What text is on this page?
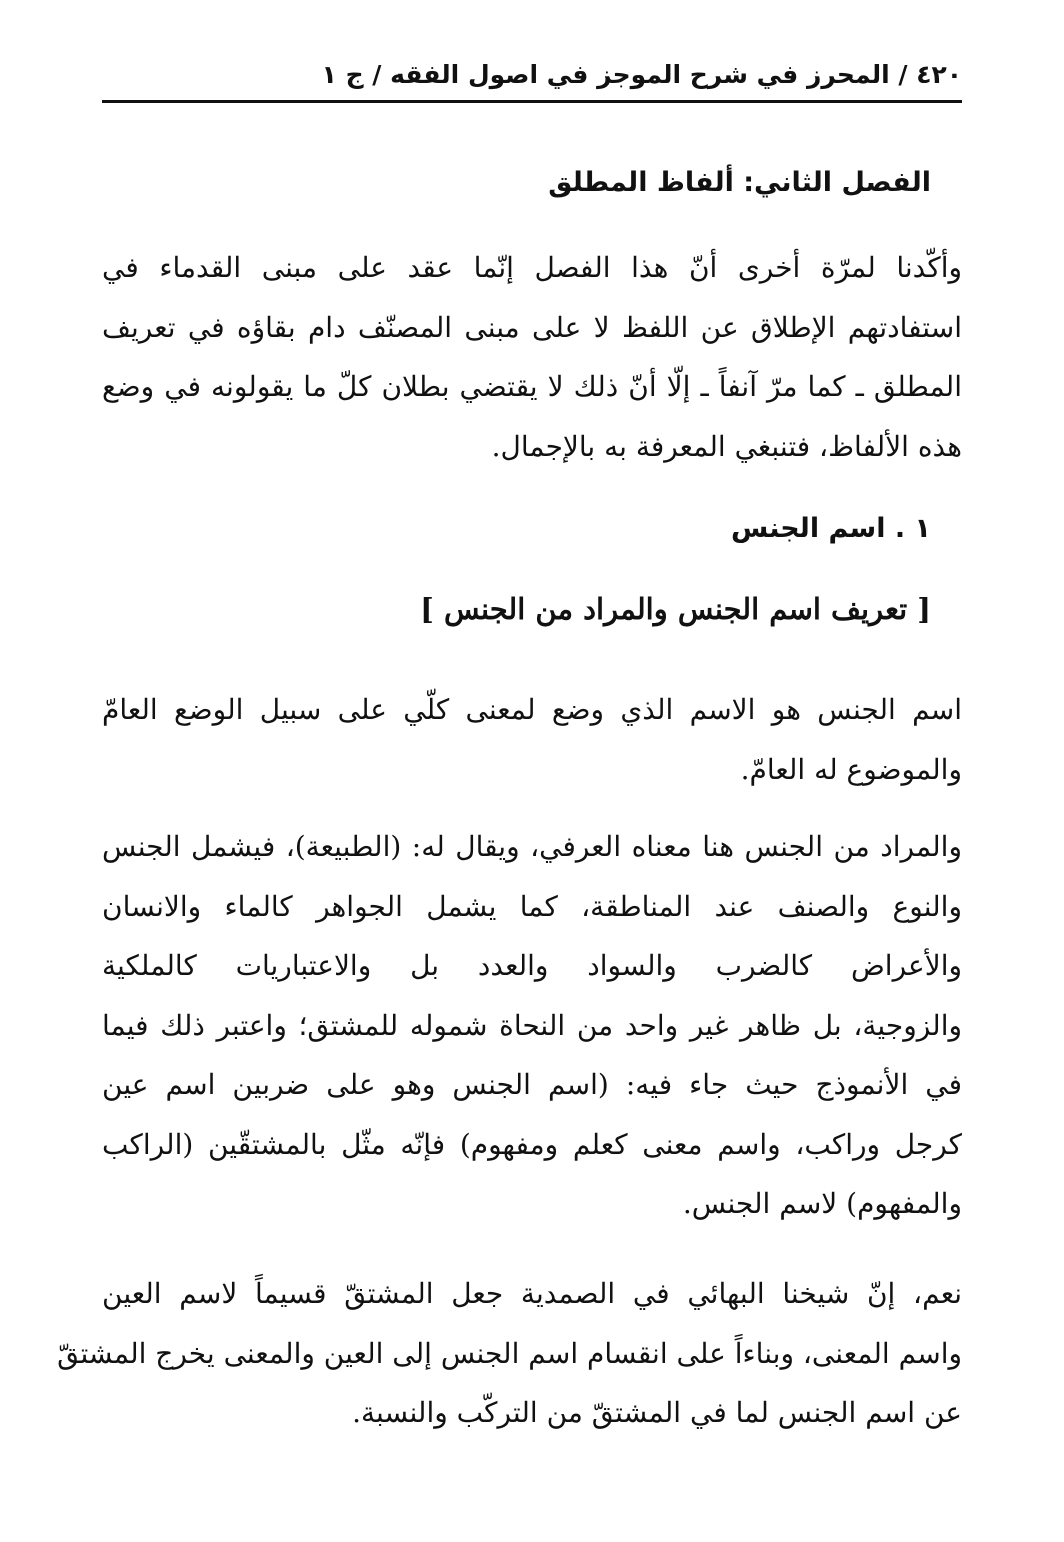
٤٢٠ / المحرز في شرح الموجز في اصول الفقه / ج ١
الفصل الثاني: ألفاظ المطلق

وأكّدنا لمرّة أخرى أنّ هذا الفصل إنّما عقد على مبنى القدماء في
استفادتهم الإطلاق عن اللفظ لا على مبنى المصنّف دام بقاؤه في تعريف
المطلق ـ كما مرّ آنفاً ـ إلّا أنّ ذلك لا يقتضي بطلان كلّ ما يقولونه في وضع
هذه الألفاظ، فتنبغي المعرفة به بالإجمال.

١ . اسم الجنس
[ تعريف اسم الجنس والمراد من الجنس ]

اسم الجنس هو الاسم الذي وضع لمعنى كلّي على سبيل الوضع العامّ
والموضوع له العامّ.

والمراد من الجنس هنا معناه العرفي، ويقال له: (الطبيعة)، فيشمل الجنس
والنوع والصنف عند المناطقة، كما يشمل الجواهر كالماء والانسان
والأعراض كالضرب والسواد والعدد بل والاعتباريات كالملكية
والزوجية، بل ظاهر غير واحد من النحاة شموله للمشتق؛ واعتبر ذلك فيما
في الأنموذج حيث جاء فيه: (اسم الجنس وهو على ضربين اسم عين
كرجل وراكب، واسم معنى كعلم ومفهوم) فإنّه مثّل بالمشتقّين (الراكب
والمفهوم) لاسم الجنس.

نعم، إنّ شيخنا البهائي في الصمدية جعل المشتقّ قسيماً لاسم العين
واسم المعنى، وبناءاً على انقسام اسم الجنس إلى العين والمعنى يخرج المشتقّ
عن اسم الجنس لما في المشتقّ من التركّب والنسبة.
